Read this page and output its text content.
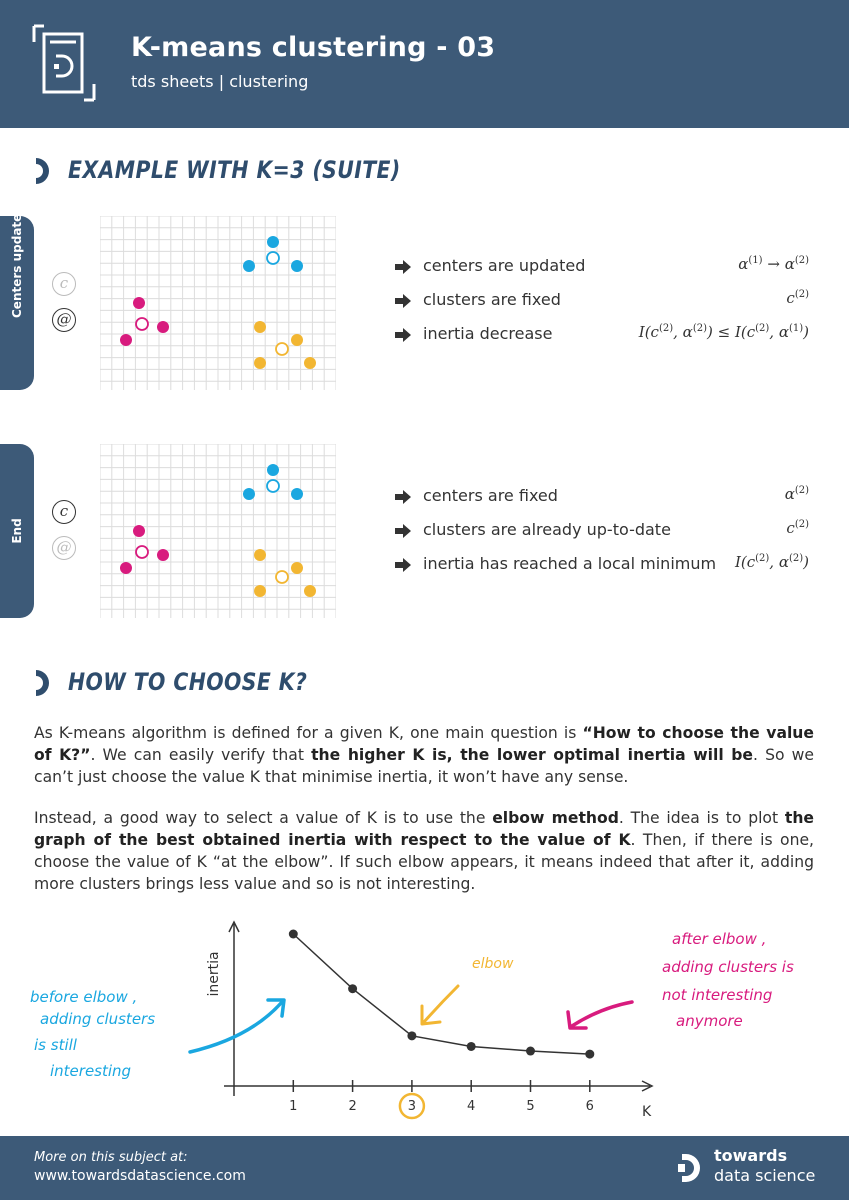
K-means clustering - 03
tds sheets | clustering
EXAMPLE WITH K=3 (SUITE)
c
@
centers are updated	$\alpha^{(1)} \to \alpha^{(2)}$
clusters are fixed	$c^{(2)}$
inertia decrease	$I(c^{(2)}$, $\alpha^{(2)}) \le I(c^{(2)}$, $\alpha^{(1)}$)
End
c
@
centers are fixed	$\alpha^{(2)}$
clusters are already up-to-date	$c^{(2)}$
inertia has reached a local minimum $I(c^{(2)}$, $\alpha^{(2)}$)
HOW TO CHOOSE K?
As K-means algorithm is defined for a given K, one main question is “How to choose the value of K?”. We can easily verify that the higher K is, the lower optimal inertia will be. So we can’t just choose the value K that minimise inertia, it won’t have any sense.
Instead, a good way to select a value of K is to use the elbow method. The idea is to plot the graph of the best obtained inertia with respect to the value of K. Then, if there is one, choose the value of K “at the elbow”. If such elbow appears, it means indeed that after it, adding more clusters brings less value and so is not interesting.
inertia
K
1	2	3	4	5	6
elbow
before elbow ,
adding clusters
is still
interesting
after elbow ,
adding clusters is
not interesting
anymore
More on this subject at:
www.towardsdatascience.com
towards
data science
